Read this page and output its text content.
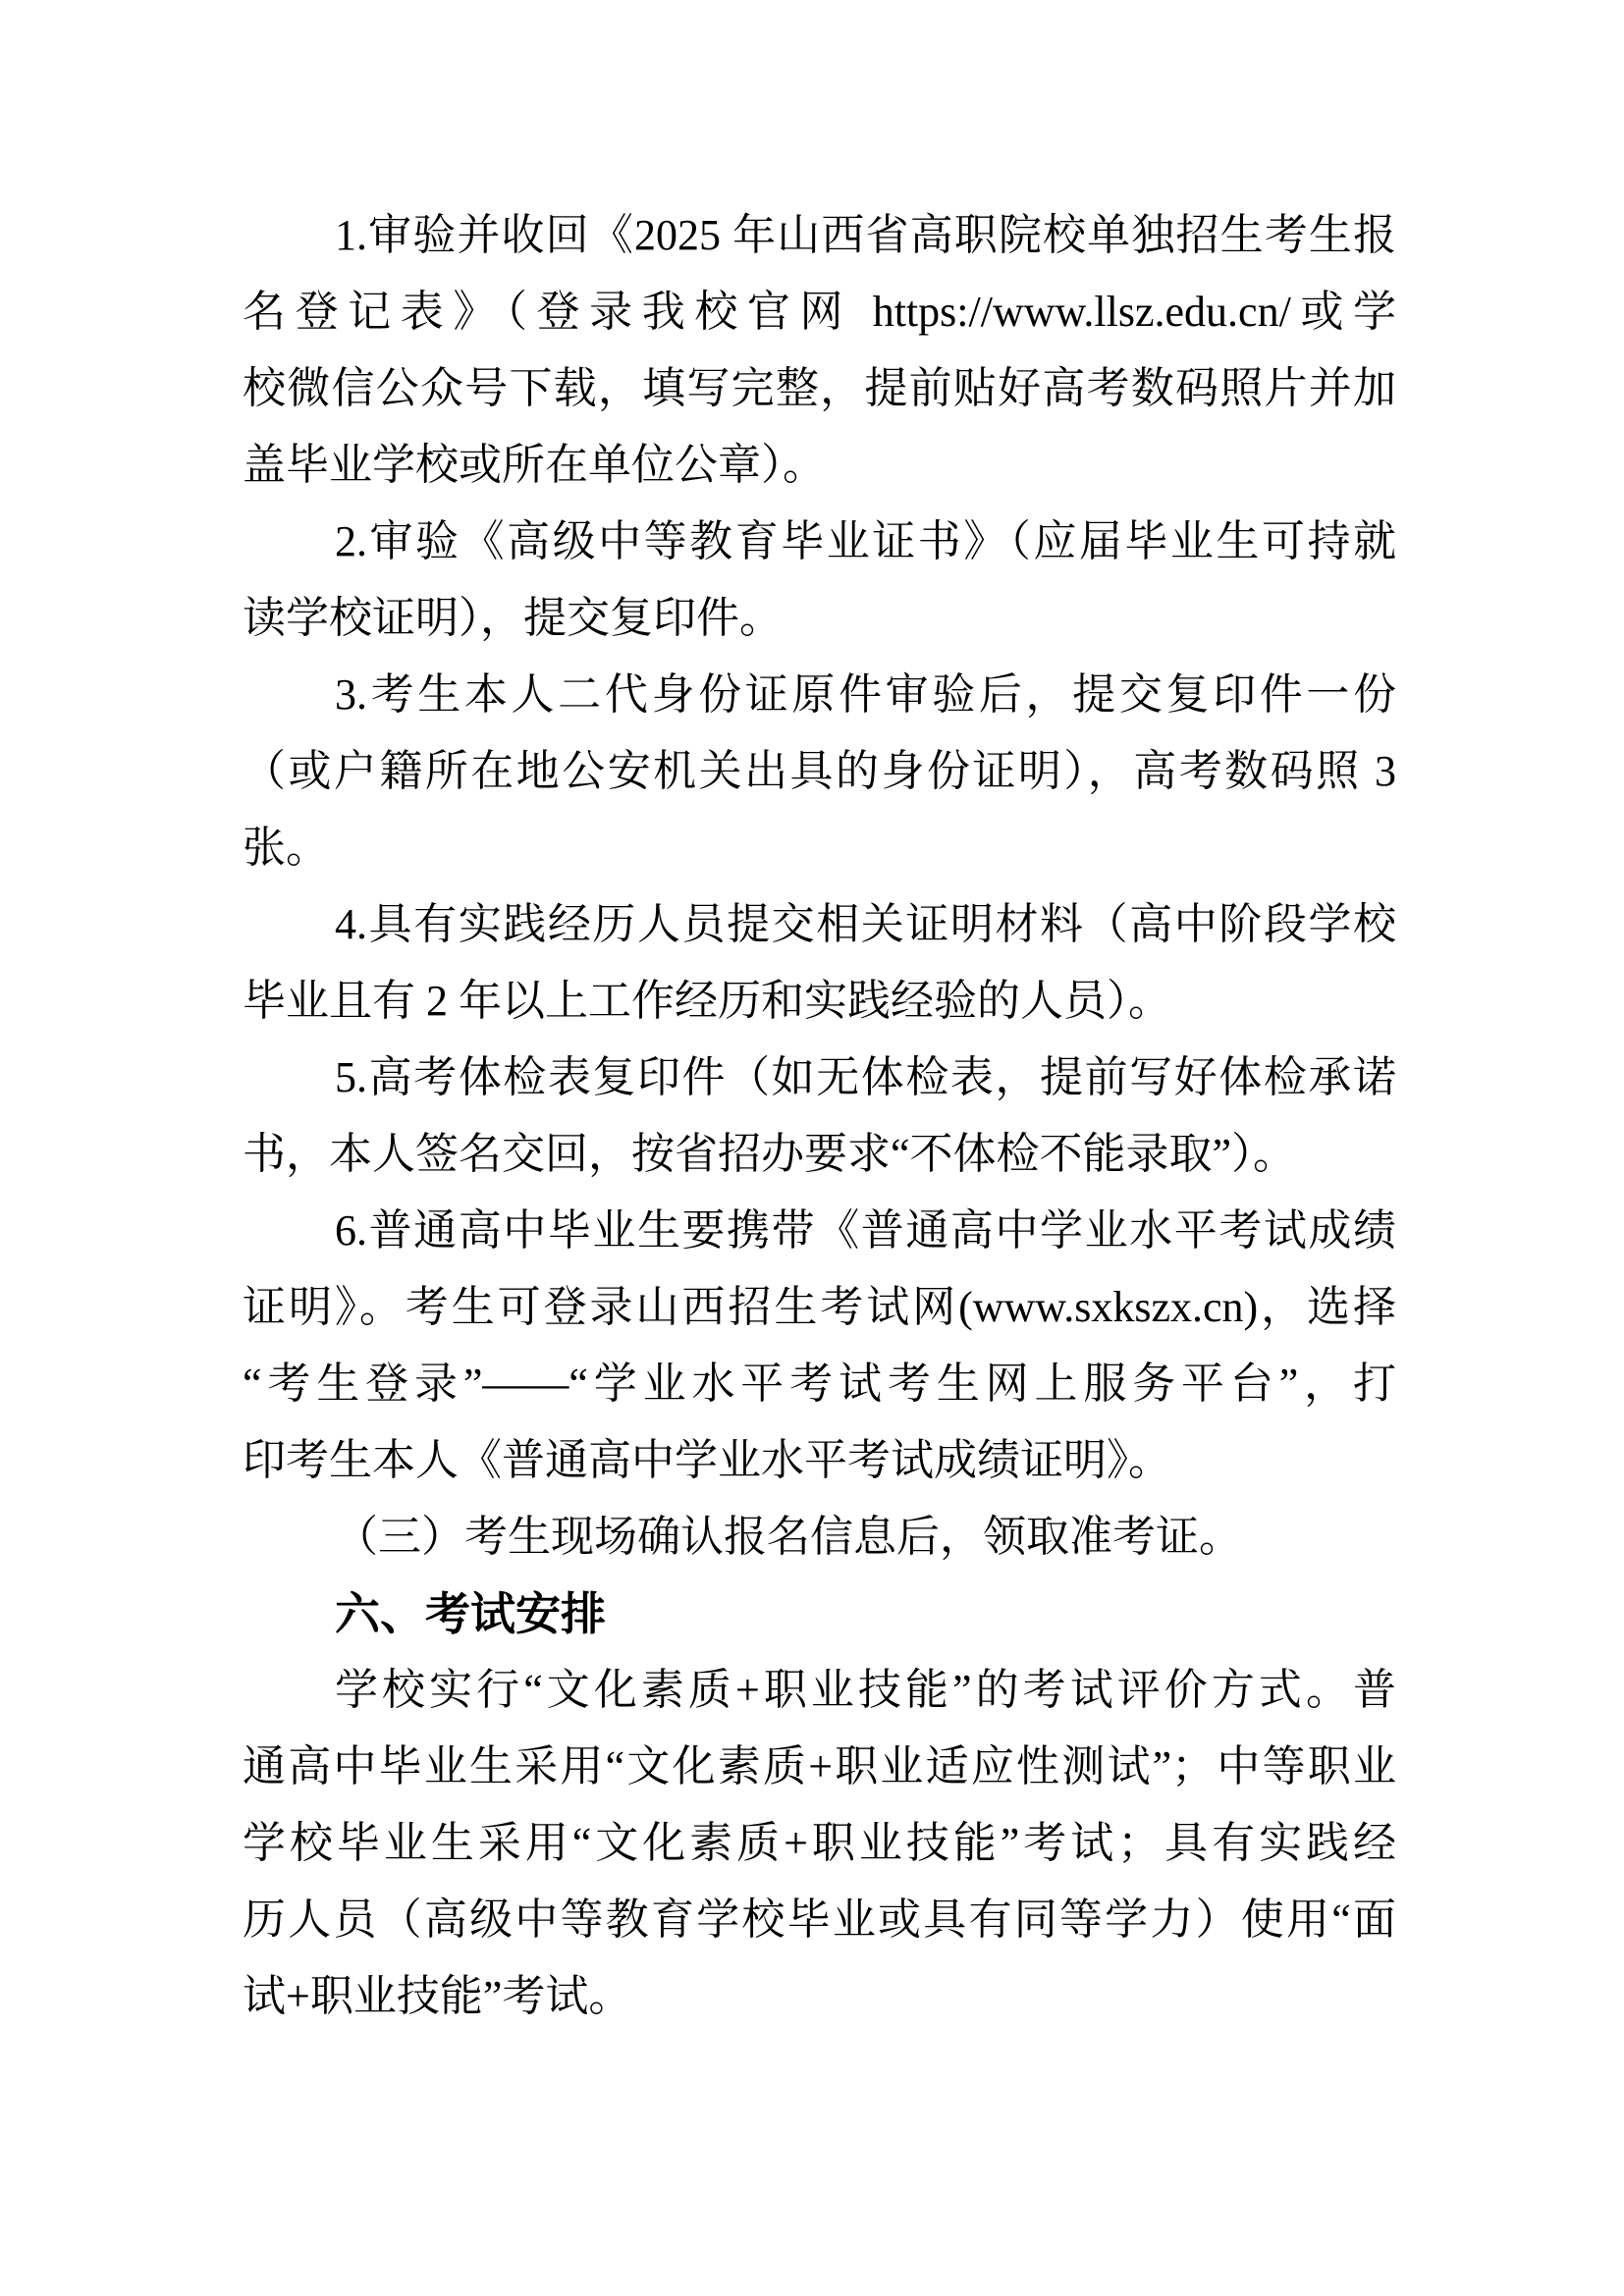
1.审验并收回《2025 年山西省高职院校单独招生考生报
名登记表》（登录我校官网 https://www.llsz.edu.cn/或学
校微信公众号下载，填写完整，提前贴好高考数码照片并加
盖毕业学校或所在单位公章）。
2.审验《高级中等教育毕业证书》（应届毕业生可持就
读学校证明），提交复印件。
3.考生本人二代身份证原件审验后，提交复印件一份
（或户籍所在地公安机关出具的身份证明），高考数码照 3
张。
4.具有实践经历人员提交相关证明材料（高中阶段学校
毕业且有 2 年以上工作经历和实践经验的人员）。
5.高考体检表复印件（如无体检表，提前写好体检承诺
书，本人签名交回，按省招办要求“不体检不能录取”）。
6.普通高中毕业生要携带《普通高中学业水平考试成绩
证明》。考生可登录山西招生考试网(www.sxkszx.cn)，选择
“考生登录”——“学业水平考试考生网上服务平台”，打
印考生本人《普通高中学业水平考试成绩证明》。
（三）考生现场确认报名信息后，领取准考证。
六、考试安排
学校实行“文化素质+职业技能”的考试评价方式。普
通高中毕业生采用“文化素质+职业适应性测试”；中等职业
学校毕业生采用“文化素质+职业技能”考试；具有实践经
历人员（高级中等教育学校毕业或具有同等学力）使用“面
试+职业技能”考试。
